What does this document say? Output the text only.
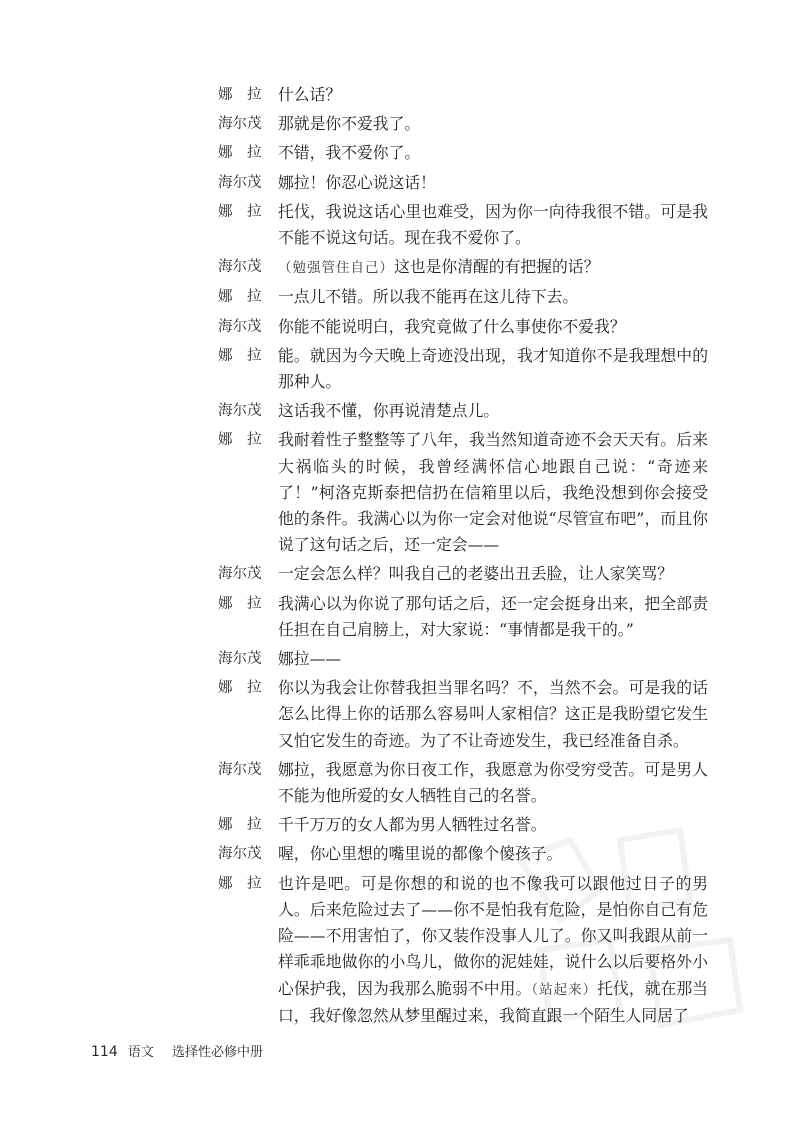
娜　拉	什么话？
海尔茂	那就是你不爱我了。
娜　拉	不错，我不爱你了。
海尔茂	娜拉！你忍心说这话！
娜　拉	托伐，我说这话心里也难受，因为你一向待我很不错。可是我不能不说这句话。现在我不爱你了。
海尔茂	（勉强管住自己）这也是你清醒的有把握的话？
娜　拉	一点儿不错。所以我不能再在这儿待下去。
海尔茂	你能不能说明白，我究竟做了什么事使你不爱我？
娜　拉	能。就因为今天晚上奇迹没出现，我才知道你不是我理想中的那种人。
海尔茂	这话我不懂，你再说清楚点儿。
娜　拉	我耐着性子整整等了八年，我当然知道奇迹不会天天有。后来大祸临头的时候，我曾经满怀信心地跟自己说：“奇迹来了！”柯洛克斯泰把信扔在信箱里以后，我绝没想到你会接受他的条件。我满心以为你一定会对他说“尽管宣布吧”，而且你说了这句话之后，还一定会——
海尔茂	一定会怎么样？叫我自己的老婆出丑丢脸，让人家笑骂？
娜　拉	我满心以为你说了那句话之后，还一定会挺身出来，把全部责任担在自己肩膀上，对大家说：“事情都是我干的。”
海尔茂	娜拉——
娜　拉	你以为我会让你替我担当罪名吗？不，当然不会。可是我的话怎么比得上你的话那么容易叫人家相信？这正是我盼望它发生又怕它发生的奇迹。为了不让奇迹发生，我已经准备自杀。
海尔茂	娜拉，我愿意为你日夜工作，我愿意为你受穷受苦。可是男人不能为他所爱的女人牺牲自己的名誉。
娜　拉	千千万万的女人都为男人牺牲过名誉。
海尔茂	喔，你心里想的嘴里说的都像个傻孩子。
娜　拉	也许是吧。可是你想的和说的也不像我可以跟他过日子的男人。后来危险过去了——你不是怕我有危险，是怕你自己有危险——不用害怕了，你又装作没事人儿了。你又叫我跟从前一样乖乖地做你的小鸟儿，做你的泥娃娃，说什么以后要格外小心保护我，因为我那么脆弱不中用。（站起来）托伐，就在那当口，我好像忽然从梦里醒过来，我简直跟一个陌生人同居了
114 语文 选择性必修中册
